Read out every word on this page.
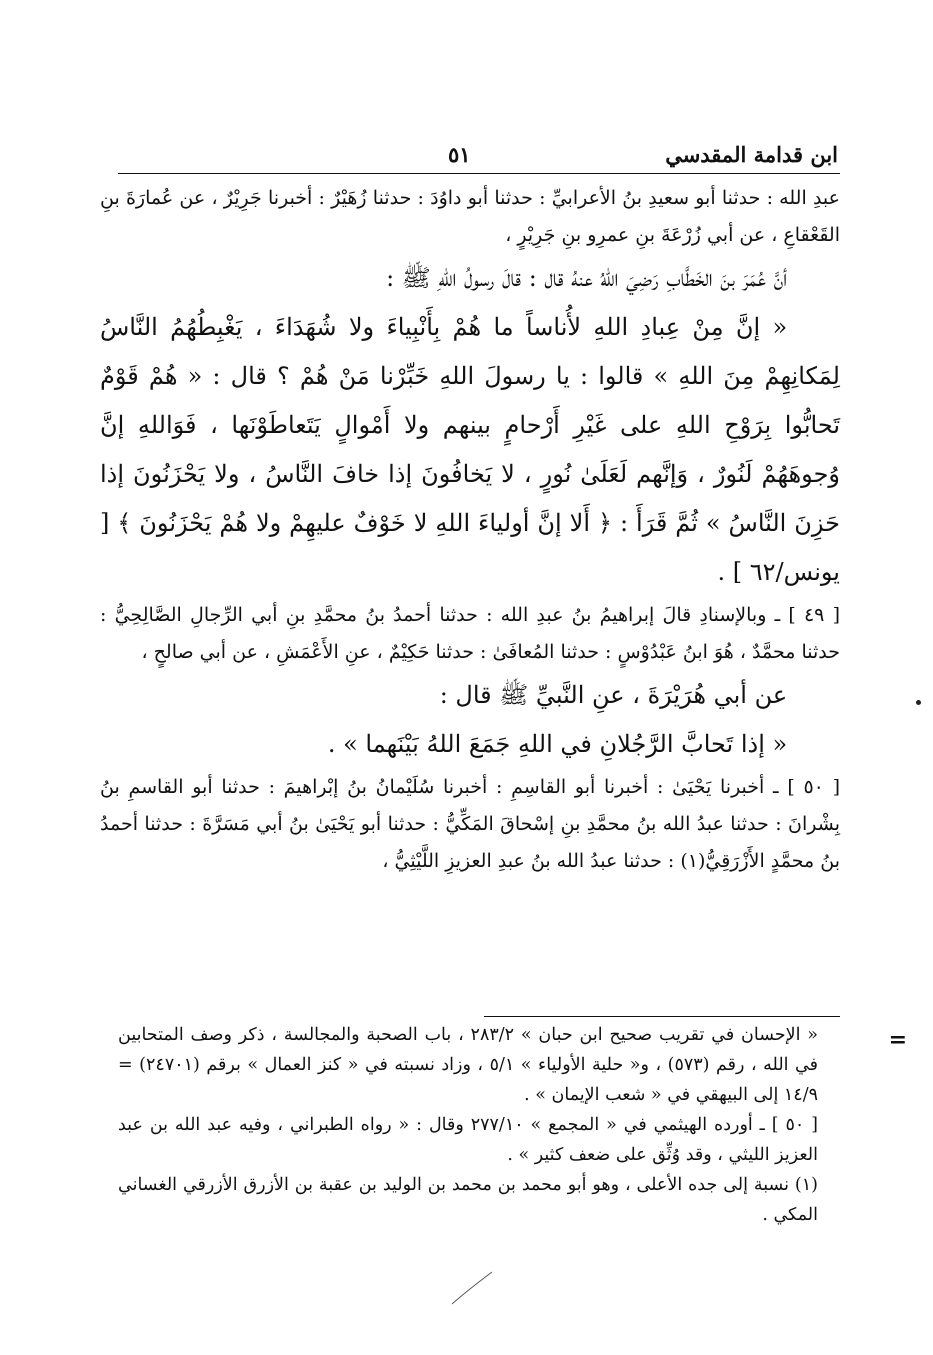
ابن قدامة المقدسي
٥١

عبدِ الله : حدثنا أبو سعيدِ بنُ الأعرابيِّ : حدثنا أبو داوُدَ : حدثنا زُهَيْرٌ : أخبرنا جَرِيْرٌ ، عن عُمارَةَ بنِ القَعْقاعِ ، عن أبي زُرْعَةَ بنِ عمرِو بنِ جَرِيْرٍ ،

أنَّ عُمَرَ بنَ الخَطَّابِ رَضِيَ اللهُ عنهُ قال : قالَ رسولُ اللهِ ﷺ :

« إنَّ مِنْ عِبادِ اللهِ لأُناساً ما هُمْ بِأَنْبِياءَ ولا شُهَدَاءَ ، يَغْبِطُهُمُ النَّاسُ لِمَكانِهِمْ مِنَ اللهِ » قالوا : يا رسولَ اللهِ خَبِّرْنا مَنْ هُمْ ؟ قال : « هُمْ قَوْمٌ تَحابُّوا بِرَوْحِ اللهِ على غَيْرِ أَرْحامٍ بينهم ولا أَمْوالٍ يَتَعاطَوْنَها ، فَوَاللهِ إنَّ وُجوهَهُمْ لَنُورٌ ، وَإنَّهم لَعَلَىٰ نُورٍ ، لا يَخافُونَ إذا خافَ النَّاسُ ، ولا يَحْزَنُونَ إذا حَزِنَ النَّاسُ » ثُمَّ قَرَأَ : ﴿ أَلا إنَّ أولياءَ اللهِ لا خَوْفٌ عليهِمْ ولا هُمْ يَحْزَنُونَ ﴾ [ يونس/٦٢ ] .

[ ٤٩ ] ـ وبالإسنادِ قالَ إبراهيمُ بنُ عبدِ الله : حدثنا أحمدُ بنُ محمَّدِ بنِ أبي الرِّجالِ الصَّالِحِيُّ : حدثنا محمَّدٌ ، هُوَ ابنُ عَبْدُوْسٍ : حدثنا المُعافَىٰ : حدثنا حَكِيْمٌ ، عنِ الأَعْمَشِ ، عن أبي صالحٍ ،

عن أبي هُرَيْرَةَ ، عنِ النَّبيِّ ﷺ قال :

« إذا تَحابَّ الرَّجُلانِ في اللهِ جَمَعَ اللهُ بَيْنَهما » .

[ ٥٠ ] ـ أخبرنا يَحْيَىٰ : أخبرنا أبو القاسِمِ : أخبرنا سُلَيْمانُ بنُ إبْراهيمَ : حدثنا أبو القاسمِ بنُ بِشْرانَ : حدثنا عبدُ الله بنُ محمَّدِ بنِ إسْحاقَ المَكِّيُّ : حدثنا أبو يَحْيَىٰ بنُ أبي مَسَرَّةَ : حدثنا أحمدُ بنُ محمَّدٍ الأَزْرَقِيُّ(١) : حدثنا عبدُ الله بنُ عبدِ العزيزِ اللَّيْثِيُّ ،

=

« الإحسان في تقريب صحيح ابن حبان » ٢٨٣/٢ ، باب الصحبة والمجالسة ، ذكر وصف المتحابين في الله ، رقم (٥٧٣) ، و« حلية الأولياء » ٥/١ ، وزاد نسبته في « كنز العمال » برقم (٢٤٧٠١) = ١٤/٩ إلى البيهقي في « شعب الإيمان » .

[ ٥٠ ] ـ أورده الهيثمي في « المجمع » ٢٧٧/١٠ وقال : « رواه الطبراني ، وفيه عبد الله بن عبد العزيز الليثي ، وقد وُثِّق على ضعف كثير » .

(١) نسبة إلى جده الأعلى ، وهو أبو محمد بن محمد بن الوليد بن عقبة بن الأزرق الأزرقي الغساني المكي .
